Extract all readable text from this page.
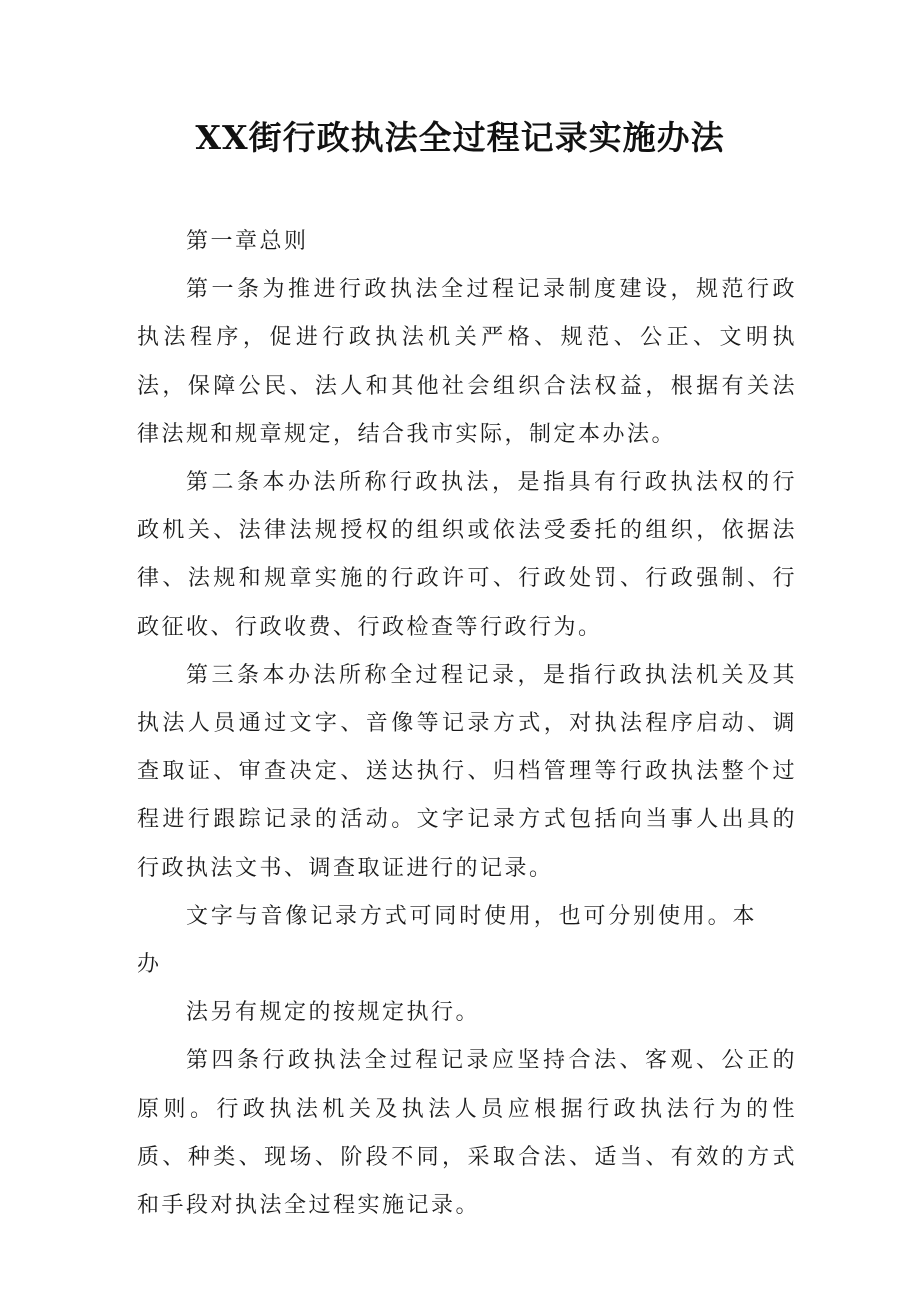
XX街行政执法全过程记录实施办法

第一章总则

第一条为推进行政执法全过程记录制度建设，规范行政执法程序，促进行政执法机关严格、规范、公正、文明执法，保障公民、法人和其他社会组织合法权益，根据有关法律法规和规章规定，结合我市实际，制定本办法。

第二条本办法所称行政执法，是指具有行政执法权的行政机关、法律法规授权的组织或依法受委托的组织，依据法律、法规和规章实施的行政许可、行政处罚、行政强制、行政征收、行政收费、行政检查等行政行为。

第三条本办法所称全过程记录，是指行政执法机关及其执法人员通过文字、音像等记录方式，对执法程序启动、调查取证、审查决定、送达执行、归档管理等行政执法整个过程进行跟踪记录的活动。文字记录方式包括向当事人出具的行政执法文书、调查取证进行的记录。

文字与音像记录方式可同时使用，也可分别使用。本办

法另有规定的按规定执行。

第四条行政执法全过程记录应坚持合法、客观、公正的原则。行政执法机关及执法人员应根据行政执法行为的性质、种类、现场、阶段不同，采取合法、适当、有效的方式和手段对执法全过程实施记录。
